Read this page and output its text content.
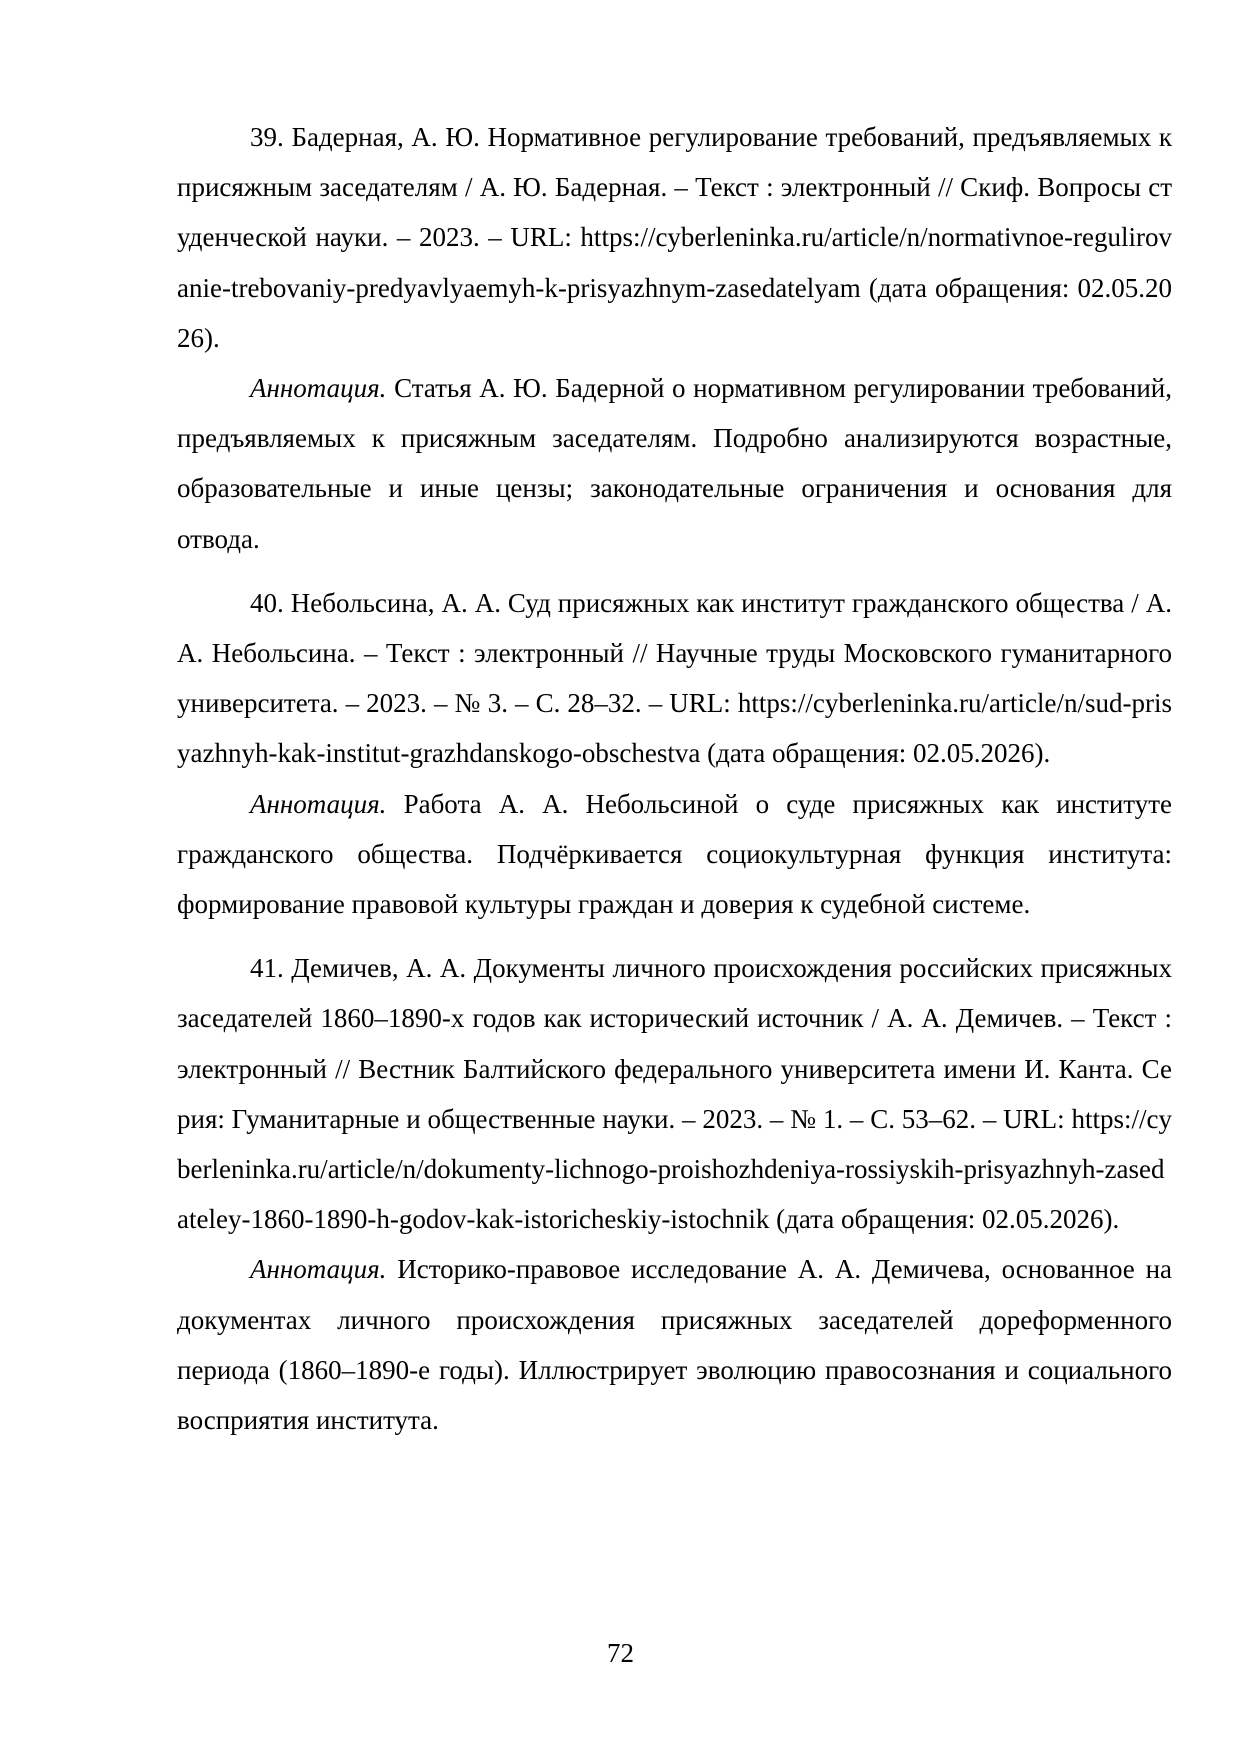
39. Бадерная, А. Ю. Нормативное регулирование требований, предъявляемых к присяжным заседателям / А. Ю. Бадерная. – Текст : электронный // Скиф. Вопросы студенческой науки. – 2023. – URL: https://cyberleninka.ru/article/n/normativnoe-regulirovanie-trebovaniy-predyavlyaemyh-k-prisyazhnym-zasedatelyam (дата обращения: 02.05.2026).

Аннотация. Статья А. Ю. Бадерной о нормативном регулировании требований, предъявляемых к присяжным заседателям. Подробно анализируются возрастные, образовательные и иные цензы; законодательные ограничения и основания для отвода.

40. Небольсина, А. А. Суд присяжных как институт гражданского общества / А. А. Небольсина. – Текст : электронный // Научные труды Московского гуманитарного университета. – 2023. – № 3. – С. 28–32. – URL: https://cyberleninka.ru/article/n/sud-prisyazhnyh-kak-institut-grazhdanskogo-obschestva (дата обращения: 02.05.2026).

Аннотация. Работа А. А. Небольсиной о суде присяжных как институте гражданского общества. Подчёркивается социокультурная функция института: формирование правовой культуры граждан и доверия к судебной системе.

41. Демичев, А. А. Документы личного происхождения российских присяжных заседателей 1860–1890-х годов как исторический источник / А. А. Демичев. – Текст : электронный // Вестник Балтийского федерального университета имени И. Канта. Серия: Гуманитарные и общественные науки. – 2023. – № 1. – С. 53–62. – URL: https://cyberleninka.ru/article/n/dokumenty-lichnogo-proishozhdeniya-rossiyskih-prisyazhnyh-zasedateley-1860-1890-h-godov-kak-istoricheskiy-istochnik (дата обращения: 02.05.2026).

Аннотация. Историко-правовое исследование А. А. Демичева, основанное на документах личного происхождения присяжных заседателей дореформенного периода (1860–1890-е годы). Иллюстрирует эволюцию правосознания и социального восприятия института.

72
